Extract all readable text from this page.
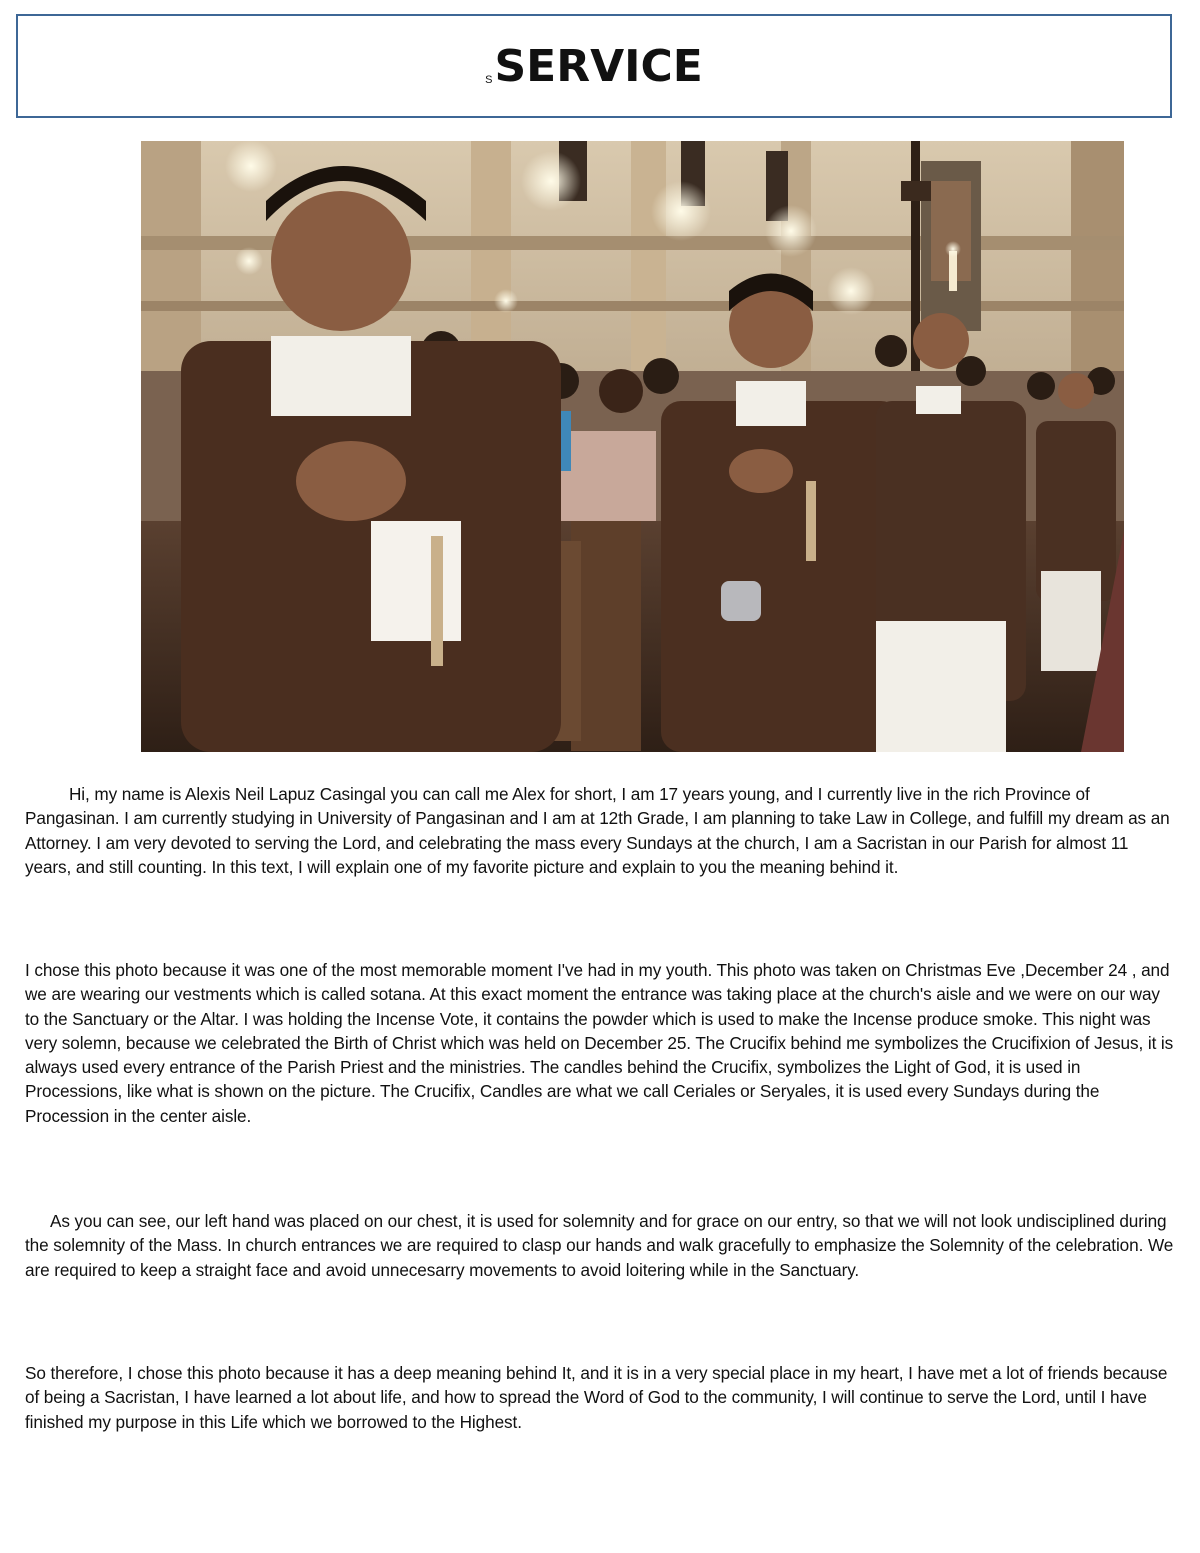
S SERVICE

Hi, my name is Alexis Neil Lapuz Casingal you can call me Alex for short, I am 17 years young, and I currently live in the rich Province of Pangasinan. I am currently studying in University of Pangasinan and I am at 12th Grade, I am planning to take Law in College, and fulfill my dream as an Attorney. I am very devoted to serving the Lord, and celebrating the mass every Sundays at the church, I am a Sacristan in our Parish for almost 11 years, and still counting. In this text, I will explain one of my favorite picture and explain to you the meaning behind it.

I chose this photo because it was one of the most memorable moment I've had in my youth. This photo was taken on Christmas Eve ,December 24 , and we are wearing our vestments which is called sotana. At this exact moment the entrance was taking place at the church's aisle and we were on our way to the Sanctuary or the Altar. I was holding the Incense Vote, it contains the powder which is used to make the Incense produce smoke. This night was very solemn, because we celebrated the Birth of Christ which was held on December 25. The Crucifix behind me symbolizes the Crucifixion of Jesus, it is always used every entrance of the Parish Priest and the ministries. The candles behind the Crucifix, symbolizes the Light of God, it is used in Processions, like what is shown on the picture. The Crucifix, Candles are what we call Ceriales or Seryales, it is used every Sundays during the Procession in the center aisle.

As you can see, our left hand was placed on our chest, it is used for solemnity and for grace on our entry, so that we will not look undisciplined during the solemnity of the Mass. In church entrances we are required to clasp our hands and walk gracefully to emphasize the Solemnity of the celebration. We are required to keep a straight face and avoid unnecesarry movements to avoid loitering while in the Sanctuary.

So therefore, I chose this photo because it has a deep meaning behind It, and it is in a very special place in my heart, I have met a lot of friends because of being a Sacristan, I have learned a lot about life, and how to spread the Word of God to the community, I will continue to serve the Lord, until I have finished my purpose in this Life which we borrowed to the Highest.
